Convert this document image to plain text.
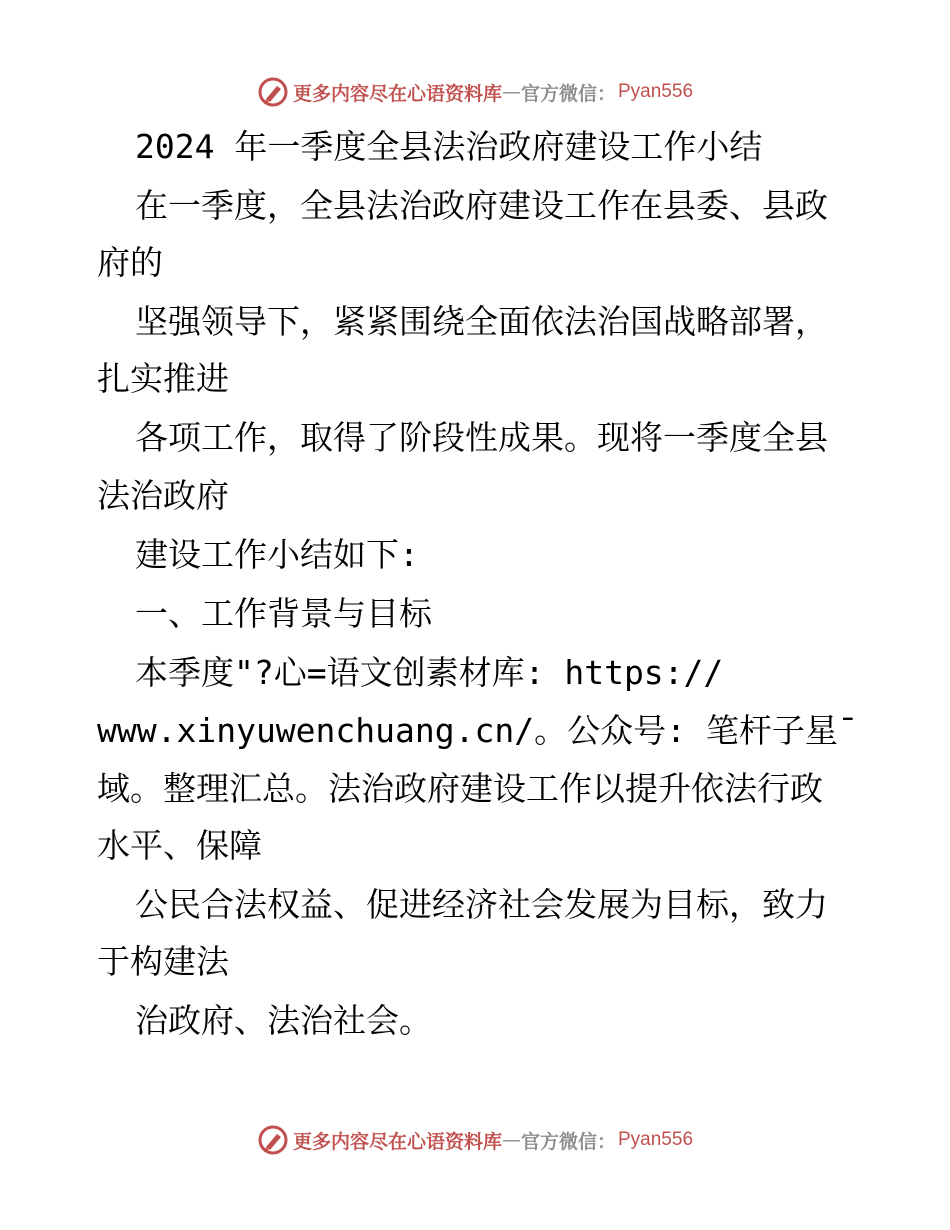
更多内容尽在心语资料库 — 官方微信： Pyan556
2024 年一季度全县法治政府建设工作小结
在一季度，全县法治政府建设工作在县委、县政
府的
坚强领导下，紧紧围绕全面依法治国战略部署，
扎实推进
各项工作，取得了阶段性成果。现将一季度全县
法治政府
建设工作小结如下:
一、工作背景与目标
本季度"?心=语文创素材库: https://
www.xinyuwenchuang.cn/。公众号: 笔杆子星¯
域。整理汇总。法治政府建设工作以提升依法行政
水平、保障
公民合法权益、促进经济社会发展为目标，致力
于构建法
治政府、法治社会。
更多内容尽在心语资料库 — 官方微信： Pyan556
